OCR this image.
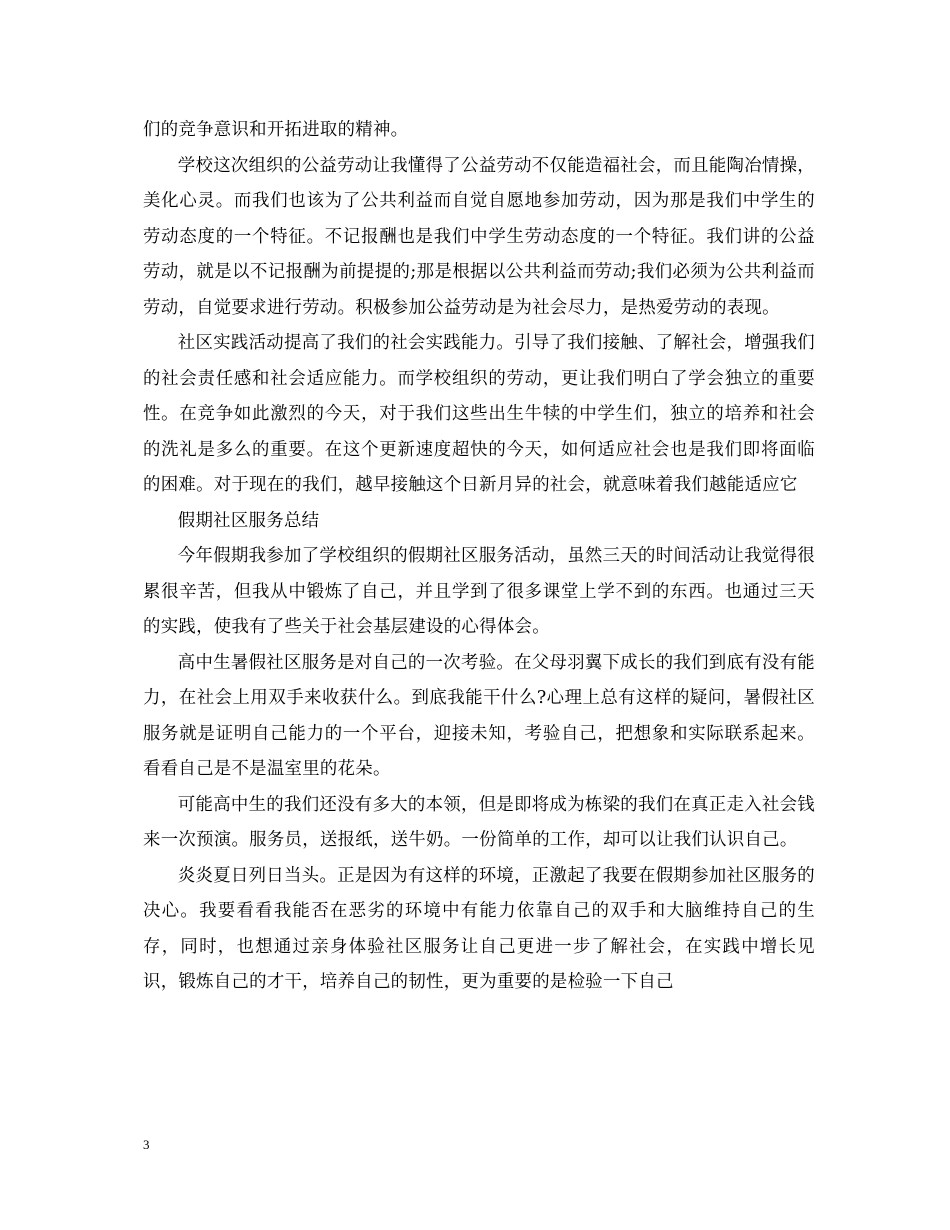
们的竞争意识和开拓进取的精神。

学校这次组织的公益劳动让我懂得了公益劳动不仅能造福社会，而且能陶冶情操，美化心灵。而我们也该为了公共利益而自觉自愿地参加劳动，因为那是我们中学生的劳动态度的一个特征。不记报酬也是我们中学生劳动态度的一个特征。我们讲的公益劳动，就是以不记报酬为前提提的;那是根据以公共利益而劳动;我们必须为公共利益而劳动，自觉要求进行劳动。积极参加公益劳动是为社会尽力，是热爱劳动的表现。

社区实践活动提高了我们的社会实践能力。引导了我们接触、了解社会，增强我们的社会责任感和社会适应能力。而学校组织的劳动，更让我们明白了学会独立的重要性。在竞争如此激烈的今天，对于我们这些出生牛犊的中学生们，独立的培养和社会的洗礼是多么的重要。在这个更新速度超快的今天，如何适应社会也是我们即将面临的困难。对于现在的我们，越早接触这个日新月异的社会，就意味着我们越能适应它

假期社区服务总结

今年假期我参加了学校组织的假期社区服务活动，虽然三天的时间活动让我觉得很累很辛苦，但我从中锻炼了自己，并且学到了很多课堂上学不到的东西。也通过三天的实践，使我有了些关于社会基层建设的心得体会。

高中生暑假社区服务是对自己的一次考验。在父母羽翼下成长的我们到底有没有能力，在社会上用双手来收获什么。到底我能干什么?心理上总有这样的疑问，暑假社区服务就是证明自己能力的一个平台，迎接未知，考验自己，把想象和实际联系起来。看看自己是不是温室里的花朵。

可能高中生的我们还没有多大的本领，但是即将成为栋梁的我们在真正走入社会钱来一次预演。服务员，送报纸，送牛奶。一份简单的工作，却可以让我们认识自己。

炎炎夏日列日当头。正是因为有这样的环境，正激起了我要在假期参加社区服务的决心。我要看看我能否在恶劣的环境中有能力依靠自己的双手和大脑维持自己的生存，同时，也想通过亲身体验社区服务让自己更进一步了解社会，在实践中增长见识，锻炼自己的才干，培养自己的韧性，更为重要的是检验一下自己

3
